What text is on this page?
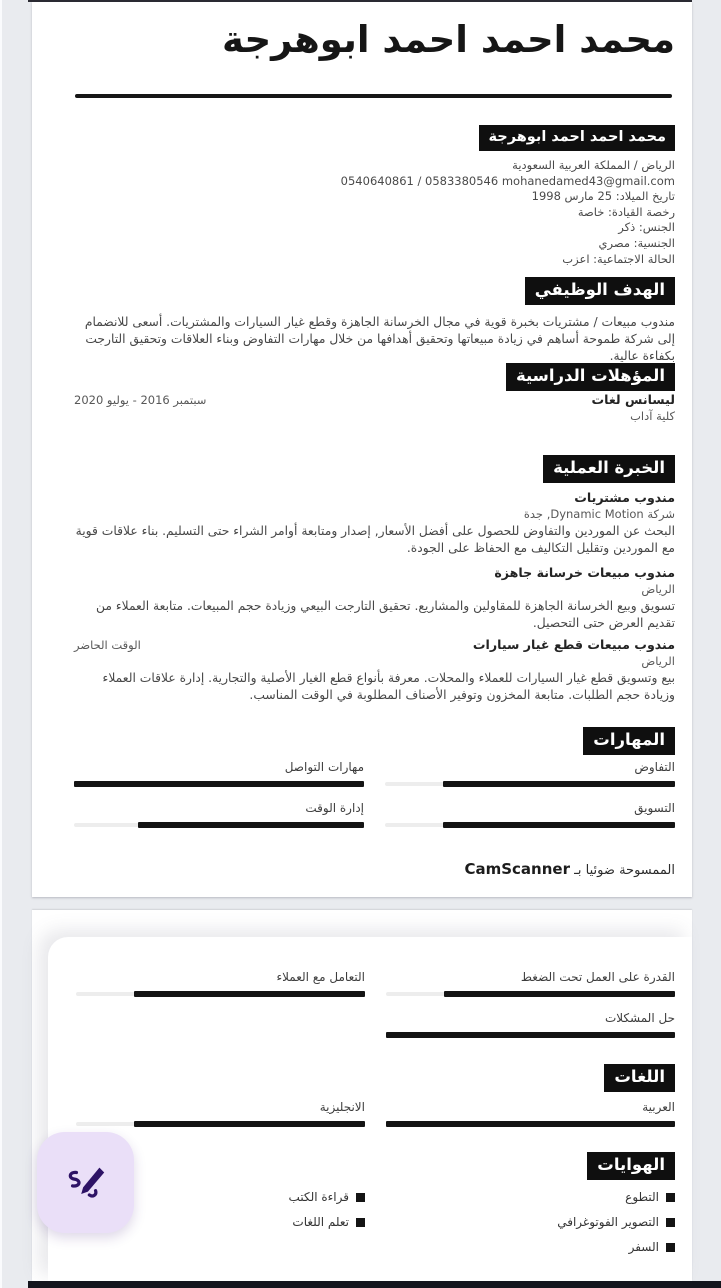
محمد احمد احمد ابوهرجة
محمد احمد احمد ابوهرجة
الرياض / المملكة العربية السعودية
0540640861 / 0583380546 mohanedamed43@gmail.com
تاريخ الميلاد: 25 مارس 1998
رخصة القيادة: خاصة
الجنس: ذكر
الجنسية: مصري
الحالة الاجتماعية: اعزب
الهدف الوظيفي
مندوب مبيعات / مشتريات بخبرة قوية في مجال الخرسانة الجاهزة وقطع غيار السيارات والمشتريات. أسعى للانضمام إلى شركة طموحة أساهم في زيادة مبيعاتها وتحقيق أهدافها من خلال مهارات التفاوض وبناء العلاقات وتحقيق التارجت بكفاءة عالية.
المؤهلات الدراسية
ليسانس لغات
سبتمبر 2016 - يوليو 2020
كلية آداب
الخبرة العملية
مندوب مشتريات
شركة Dynamic Motion, جدة
البحث عن الموردين والتفاوض للحصول على أفضل الأسعار, إصدار ومتابعة أوامر الشراء حتى التسليم. بناء علاقات قوية مع الموردين وتقليل التكاليف مع الحفاظ على الجودة.
مندوب مبيعات خرسانة جاهزة
الرياض
تسويق وبيع الخرسانة الجاهزة للمقاولين والمشاريع. تحقيق التارجت البيعي وزيادة حجم المبيعات. متابعة العملاء من تقديم العرض حتى التحصيل.
مندوب مبيعات قطع غيار سيارات
الوقت الحاضر
الرياض
بيع وتسويق قطع غيار السيارات للعملاء والمحلات. معرفة بأنواع قطع الغيار الأصلية والتجارية. إدارة علاقات العملاء وزيادة حجم الطلبات. متابعة المخزون وتوفير الأصناف المطلوبة في الوقت المناسب.
المهارات
التفاوض
مهارات التواصل
التسويق
إدارة الوقت
الممسوحة ضوئيا بـ CamScanner
القدرة على العمل تحت الضغط
التعامل مع العملاء
حل المشكلات
اللغات
العربية
الانجليزية
الهوايات
التطوع
قراءة الكتب
التصوير الفوتوغرافي
تعلم اللغات
السفر
